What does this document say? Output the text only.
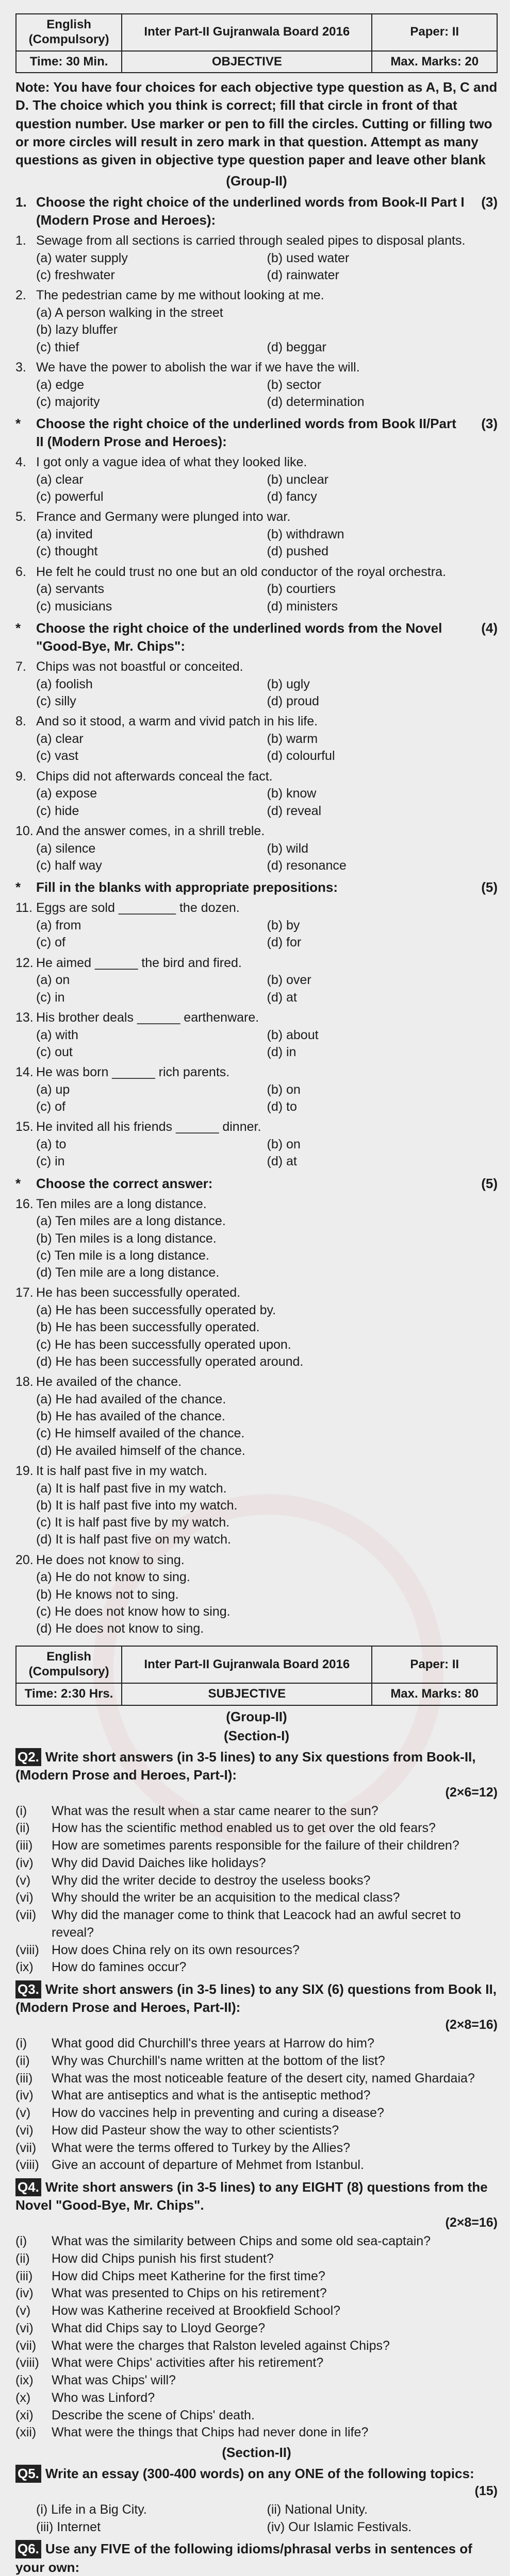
English (Compulsory)	Inter Part-II Gujranwala Board 2016	Paper: II
Time: 30 Min.	OBJECTIVE	Max. Marks: 20
Note: You have four choices for each objective type question as A, B, C and D. The choice which you think is correct; fill that circle in front of that question number. Use marker or pen to fill the circles. Cutting or filling two or more circles will result in zero mark in that question. Attempt as many questions as given in objective type question paper and leave other blank
(Group-II)
1. Choose the right choice of the underlined words from Book-II Part I (Modern Prose and Heroes):
(3)
1. Sewage from all sections is carried through sealed pipes to disposal plants.
(a) water supply	(b) used water
(c) freshwater	(d) rainwater
2. The pedestrian came by me without looking at me.
(a) A person walking in the street
(b) lazy bluffer
(c) thief	(d) beggar
3. We have the power to abolish the war if we have the will.
(a) edge	(b) sector
(c) majority	(d) determination
*	Choose the right choice of the underlined words from Book II/Part II (Modern Prose and Heroes):
(3)
4. I got only a vague idea of what they looked like.
(a) clear	(b) unclear
(c) powerful	(d) fancy
5. France and Germany were plunged into war.
(a) invited	(b) withdrawn
(c) thought	(d) pushed
6. He felt he could trust no one but an old conductor of the royal orchestra.
(a) servants	(b) courtiers
(c) musicians	(d) ministers
*	Choose the right choice of the underlined words from the Novel "Good-Bye, Mr. Chips":
(4)
7. Chips was not boastful or conceited.
(a) foolish	(b) ugly
(c) silly	(d) proud
8. And so it stood, a warm and vivid patch in his life.
(a) clear	(b) warm
(c) vast	(d) colourful
9. Chips did not afterwards conceal the fact.
(a) expose	(b) know
(c) hide	(d) reveal
10. And the answer comes, in a shrill treble.
(a) silence	(b) wild
(c) half way	(d) resonance
*	Fill in the blanks with appropriate prepositions:	(5)
11. Eggs are sold ________ the dozen.
(a) from	(b) by
(c) of	(d) for
12. He aimed ______ the bird and fired.
(a) on	(b) over
(c) in	(d) at
13. His brother deals ______ earthenware.
(a) with	(b) about
(c) out	(d) in
14. He was born ______ rich parents.
(a) up	(b) on
(c) of	(d) to
15. He invited all his friends ______ dinner.
(a) to	(b) on
(c) in	(d) at
*	Choose the correct answer:	(5)
16. Ten miles are a long distance.
(a) Ten miles are a long distance.
(b) Ten miles is a long distance.
(c) Ten mile is a long distance.
(d) Ten mile are a long distance.
17. He has been successfully operated.
(a) He has been successfully operated by.
(b) He has been successfully operated.
(c) He has been successfully operated upon.
(d) He has been successfully operated around.
18. He availed of the chance.
(a) He had availed of the chance.
(b) He has availed of the chance.
(c) He himself availed of the chance.
(d) He availed himself of the chance.
19. It is half past five in my watch.
(a) It is half past five in my watch.
(b) It is half past five into my watch.
(c) It is half past five by my watch.
(d) It is half past five on my watch.
20. He does not know to sing.
(a) He do not know to sing.
(b) He knows not to sing.
(c) He does not know how to sing.
(d) He does not know to sing.
English (Compulsory)	Inter Part-II Gujranwala Board 2016	Paper: II
Time: 2:30 Hrs.	SUBJECTIVE	Max. Marks: 80
(Group-II)
(Section-I)
Q2. Write short answers (in 3-5 lines) to any Six questions from Book-II, (Modern Prose and Heroes, Part-I):
(2×6=12)
(i)	What was the result when a star came nearer to the sun?
(ii)	How has the scientific method enabled us to get over the old fears?
(iii)	How are sometimes parents responsible for the failure of their children?
(iv)	Why did David Daiches like holidays?
(v)	Why did the writer decide to destroy the useless books?
(vi)	Why should the writer be an acquisition to the medical class?
(vii)	Why did the manager come to think that Leacock had an awful secret to reveal?
(viii) How does China rely on its own resources?
(ix)	How do famines occur?
Q3. Write short answers (in 3-5 lines) to any SIX (6) questions from Book II, (Modern Prose and Heroes, Part-II):
(2×8=16)
(i)	What good did Churchill's three years at Harrow do him?
(ii)	Why was Churchill's name written at the bottom of the list?
(iii)	What was the most noticeable feature of the desert city, named Ghardaia?
(iv)	What are antiseptics and what is the antiseptic method?
(v)	How do vaccines help in preventing and curing a disease?
(vi)	How did Pasteur show the way to other scientists?
(vii)	What were the terms offered to Turkey by the Allies?
(viii) Give an account of departure of Mehmet from Istanbul.
Q4. Write short answers (in 3-5 lines) to any EIGHT (8) questions from the Novel "Good-Bye, Mr. Chips".
(2×8=16)
(i)	What was the similarity between Chips and some old sea-captain?
(ii)	How did Chips punish his first student?
(iii)	How did Chips meet Katherine for the first time?
(iv)	What was presented to Chips on his retirement?
(v)	How was Katherine received at Brookfield School?
(vi)	What did Chips say to Lloyd George?
(vii)	What were the charges that Ralston leveled against Chips?
(viii) What were Chips' activities after his retirement?
(ix)	What was Chips' will?
(x)	Who was Linford?
(xi)	Describe the scene of Chips' death.
(xii)	What were the things that Chips had never done in life?
(Section-II)
Q5. Write an essay (300-400 words) on any ONE of the following topics:
(15)
(i) Life in a Big City.	(ii) National Unity.
(iii) Internet	(iv) Our Islamic Festivals.
Q6. Use any FIVE of the following idioms/phrasal verbs in sentences of your own:
